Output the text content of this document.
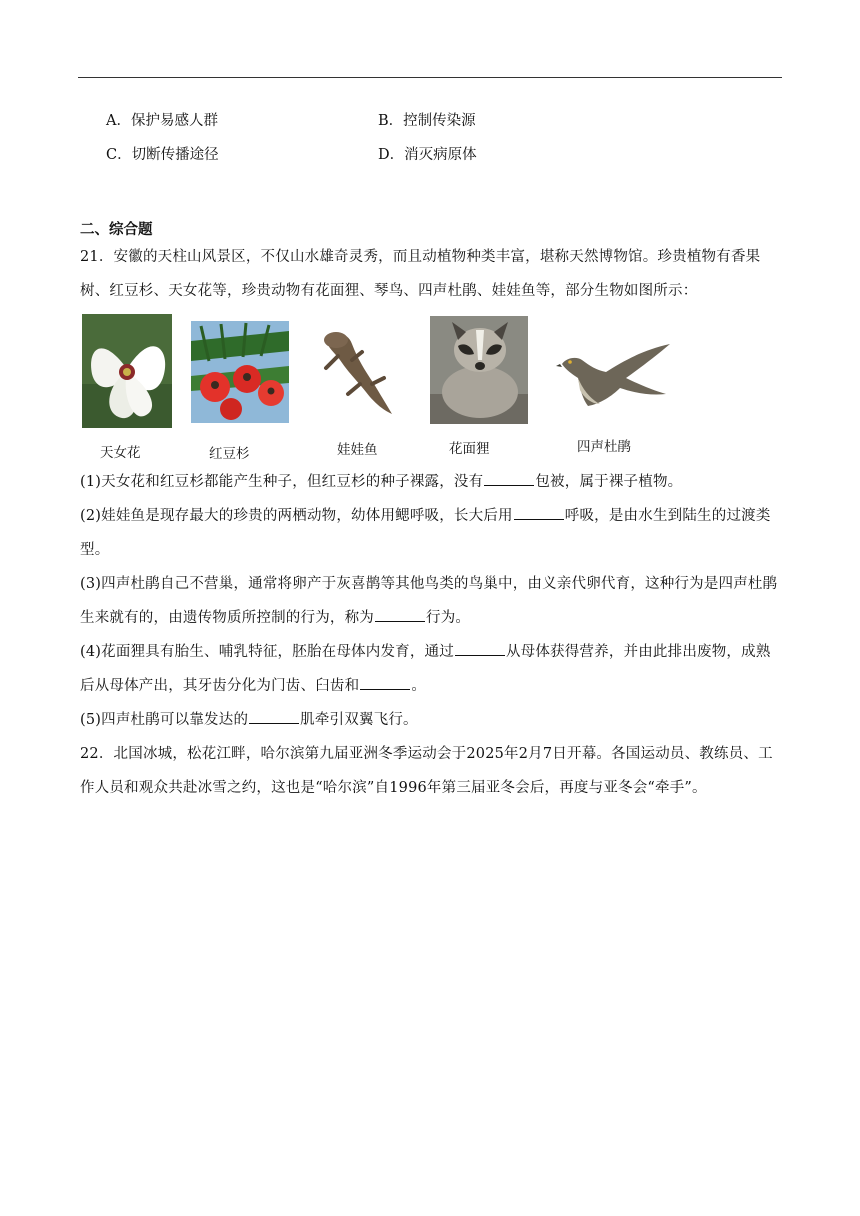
A．保护易感人群	B．控制传染源
C．切断传播途径	D．消灭病原体
二、综合题
21．安徽的天柱山风景区，不仅山水雄奇灵秀，而且动植物种类丰富，堪称天然博物馆。珍贵植物有香果树、红豆杉、天女花等，珍贵动物有花面狸、琴鸟、四声杜鹃、娃娃鱼等，部分生物如图所示：
天女花	红豆杉	娃娃鱼	花面狸	四声杜鹃
(1)天女花和红豆杉都能产生种子，但红豆杉的种子裸露，没有	包被，属于裸子植物。
(2)娃娃鱼是现存最大的珍贵的两栖动物，幼体用鳃呼吸，长大后用	呼吸，是由水生到陆生的过渡类型。
(3)四声杜鹃自己不营巢，通常将卵产于灰喜鹊等其他鸟类的鸟巢中，由义亲代卵代育，这种行为是四声杜鹃生来就有的，由遗传物质所控制的行为，称为	行为。
(4)花面狸具有胎生、哺乳特征，胚胎在母体内发育，通过	从母体获得营养，并由此排出废物，成熟后从母体产出，其牙齿分化为门齿、臼齿和	。
(5)四声杜鹃可以靠发达的	肌牵引双翼飞行。
22．北国冰城，松花江畔，哈尔滨第九届亚洲冬季运动会于2025年2月7日开幕。各国运动员、教练员、工作人员和观众共赴冰雪之约，这也是“哈尔滨”自1996年第三届亚冬会后，再度与亚冬会“牵手”。
